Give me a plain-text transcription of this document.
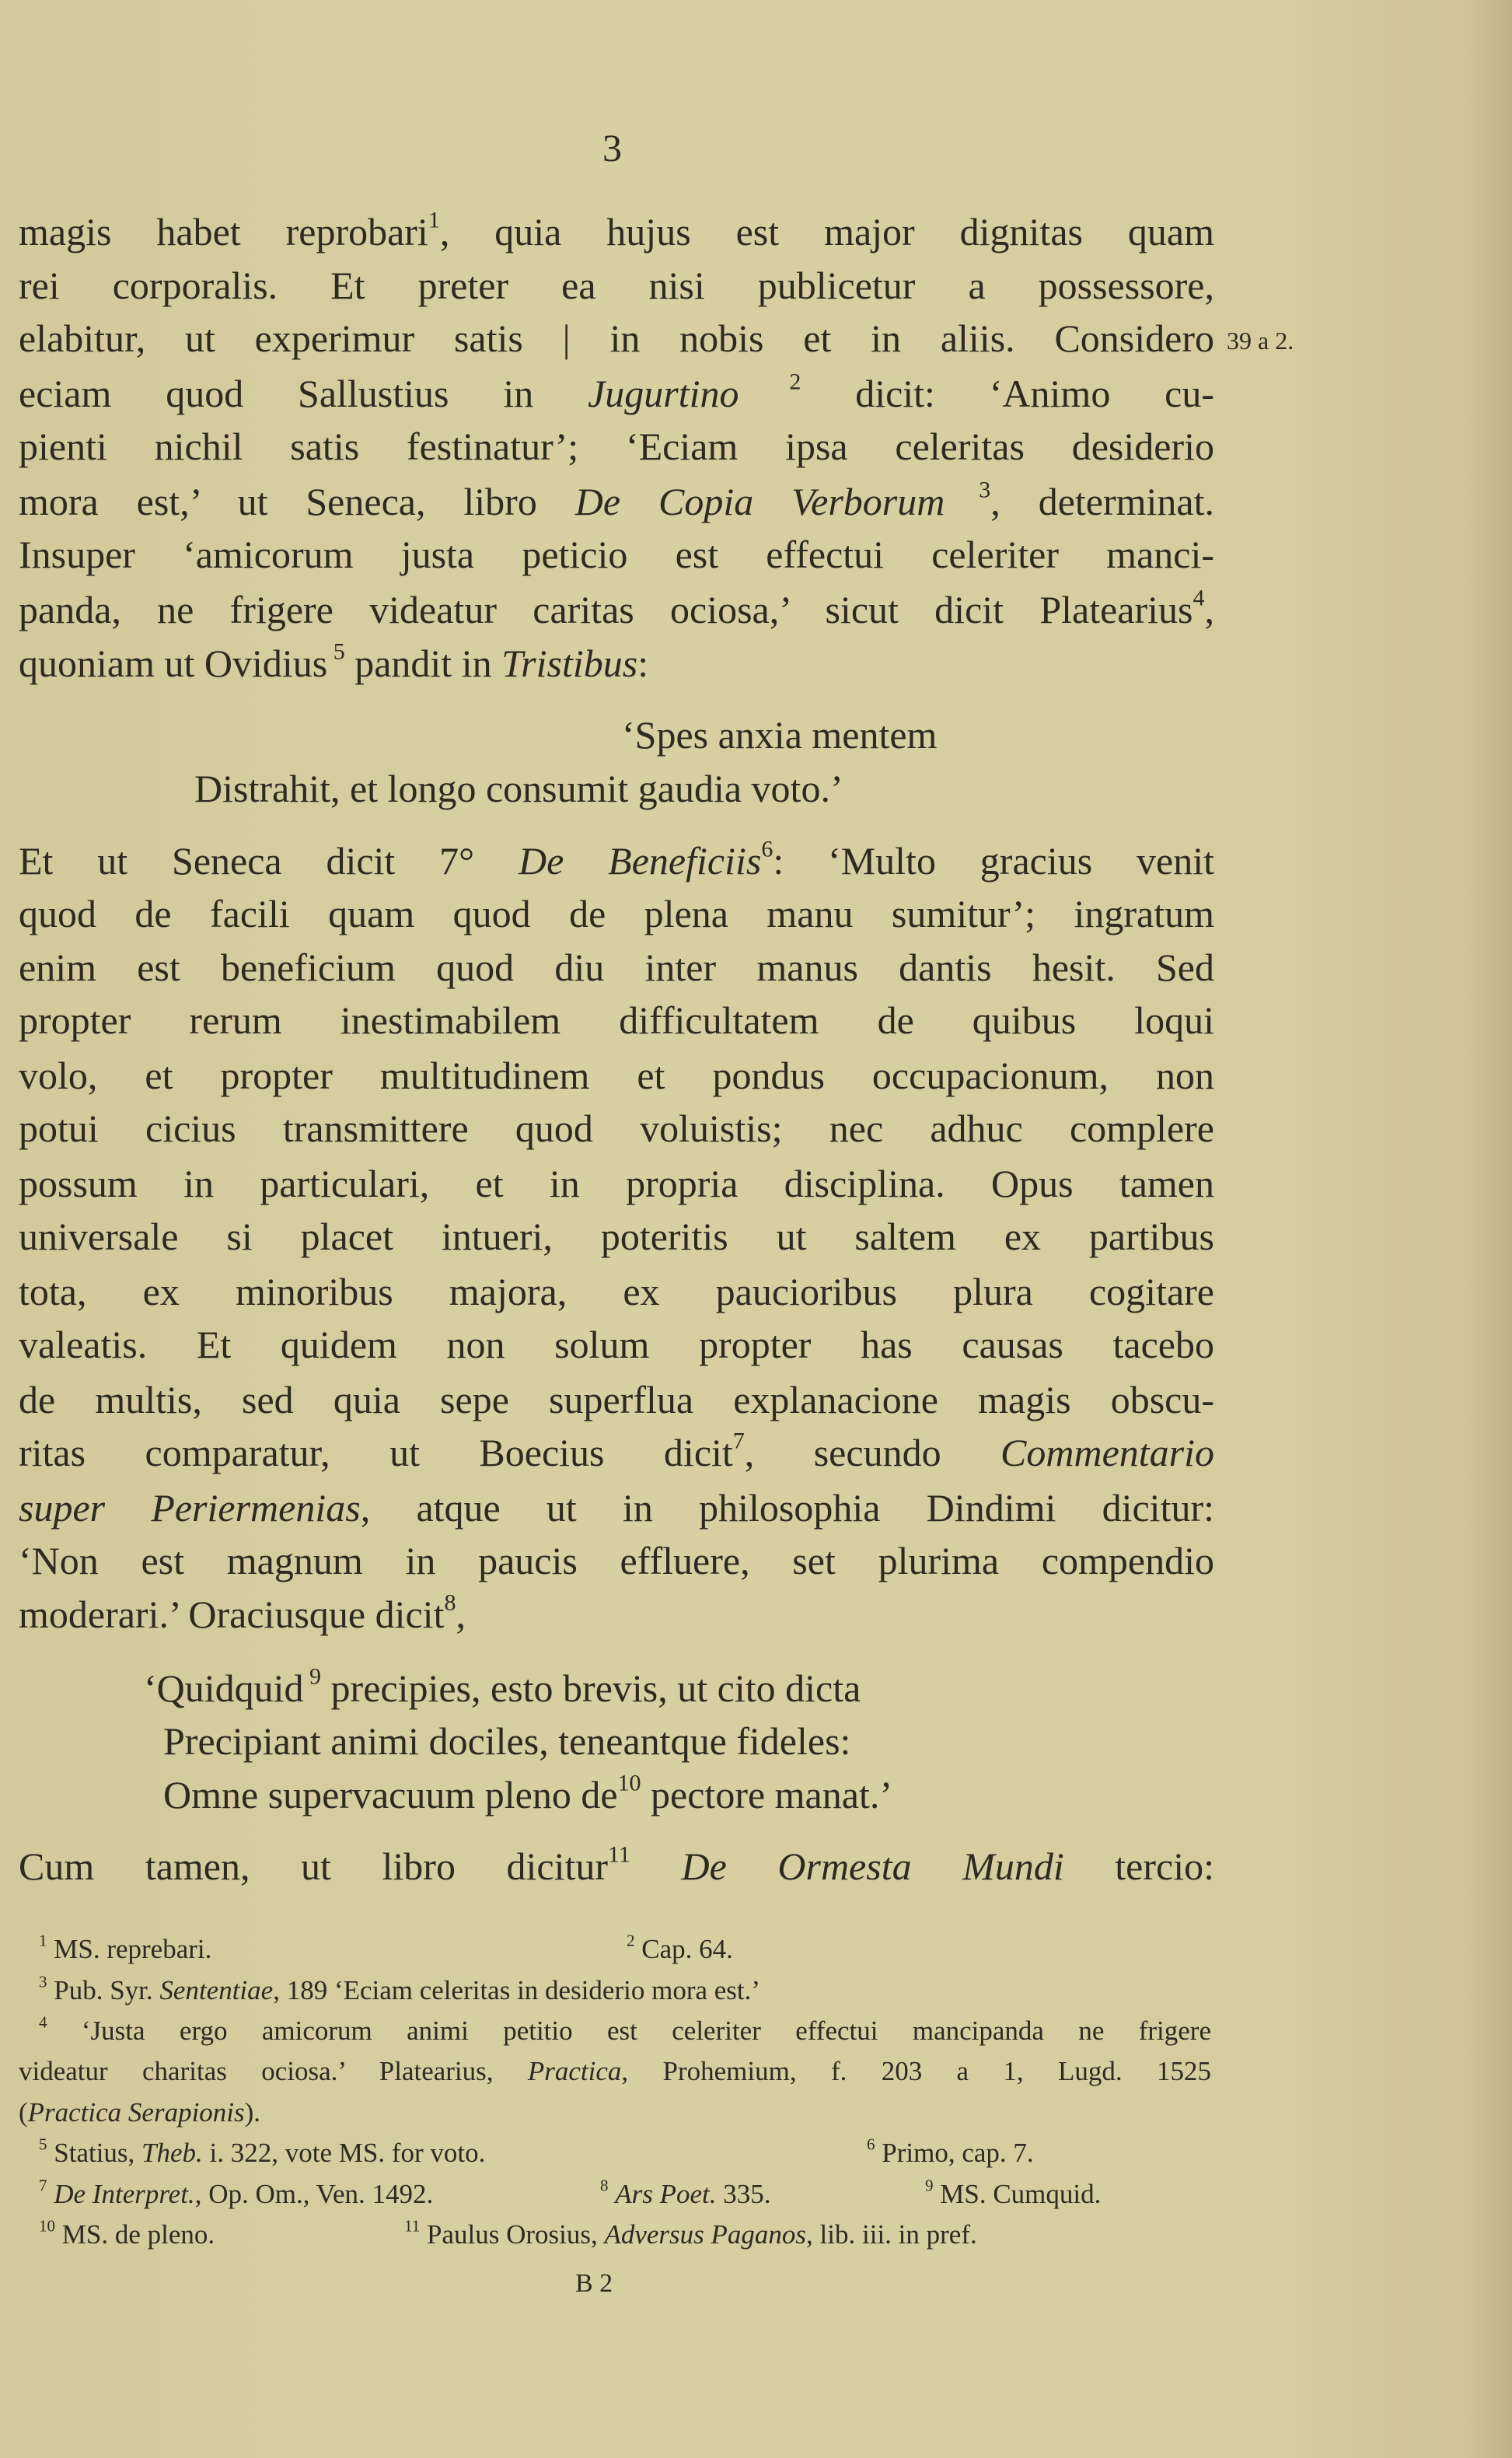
3
39 a 2.
magis habet reprobari$^1$, quia hujus est major dignitas quam
rei corporalis. Et preter ea nisi publicetur a possessore,
elabitur, ut experimur satis | in nobis et in aliis. Considero
eciam quod Sallustius in Jugurtino $^2$ dicit: ‘Animo cu-
pienti nichil satis festinatur’; ‘Eciam ipsa celeritas desiderio
mora est,’ ut Seneca, libro De Copia Verborum $^3$, determinat.
Insuper ‘amicorum justa peticio est effectui celeriter manci-
panda, ne frigere videatur caritas ociosa,’ sicut dicit Platearius$^4$,
quoniam ut Ovidius $^5$ pandit in Tristibus:
‘Spes anxia mentem
Distrahit, et longo consumit gaudia voto.’
Et ut Seneca dicit 7° De Beneficiis$^6$: ‘Multo gracius venit
quod de facili quam quod de plena manu sumitur’; ingratum
enim est beneficium quod diu inter manus dantis hesit. Sed
propter rerum inestimabilem difficultatem de quibus loqui
volo, et propter multitudinem et pondus occupacionum, non
potui cicius transmittere quod voluistis; nec adhuc complere
possum in particulari, et in propria disciplina. Opus tamen
universale si placet intueri, poteritis ut saltem ex partibus
tota, ex minoribus majora, ex paucioribus plura cogitare
valeatis. Et quidem non solum propter has causas tacebo
de multis, sed quia sepe superflua explanacione magis obscu-
ritas comparatur, ut Boecius dicit$^7$, secundo Commentario
super Periermenias, atque ut in philosophia Dindimi dicitur:
‘Non est magnum in paucis effluere, set plurima compendio
moderari.’ Oraciusque dicit$^8$,
‘Quidquid $^9$ precipies, esto brevis, ut cito dicta
Precipiant animi dociles, teneantque fideles:
Omne supervacuum pleno $de^{10}$ pectore manat.’
Cum tamen, ut libro dicitur$^{11}$ De Ormesta Mundi tercio:
$^1$ MS. reprebari.	$^2$ Cap. 64.
$^3$ Pub. Syr. Sententiae, 189 ‘Eciam celeritas in desiderio mora est.’
$^4$ ‘Justa ergo amicorum animi petitio est celeriter effectui mancipanda ne frigere
videatur charitas ociosa.’ Platearius, Practica, Prohemium, f. 203 a 1, Lugd. 1525
(Practica Serapionis).
$^5$ Statius, Theb. i. 322, vote MS. for voto.	$^6$ Primo, cap. 7.
$^7$ De Interpret., Op. Om., Ven. 1492.	$^8$ Ars Poet. 335.	$^9$ MS. Cumquid.
$^{10}$ MS. de pleno.	$^{11}$ Paulus Orosius, Adversus Paganos, lib. iii. in pref.
B 2
